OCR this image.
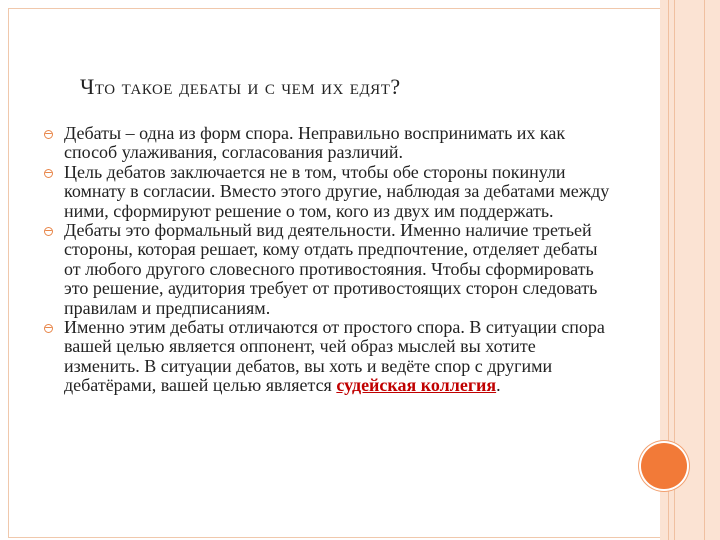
Что такое дебаты и с чем их едят?
Дебаты – одна из форм спора. Неправильно воспринимать их как способ улаживания, согласования различий.
Цель дебатов заключается не в том, чтобы обе стороны покинули комнату в согласии. Вместо этого другие, наблюдая за дебатами между ними, сформируют решение о том, кого из двух им поддержать.
Дебаты это формальный вид деятельности. Именно наличие третьей стороны, которая решает, кому отдать предпочтение, отделяет дебаты от любого другого словесного противостояния. Чтобы сформировать это решение, аудитория требует от противостоящих сторон следовать правилам и предписаниям.
Именно этим дебаты отличаются от простого спора. В ситуации спора вашей целью является оппонент, чей образ мыслей вы хотите изменить. В ситуации дебатов, вы хоть и ведёте спор с другими дебатёрами, вашей целью является судейская коллегия.
